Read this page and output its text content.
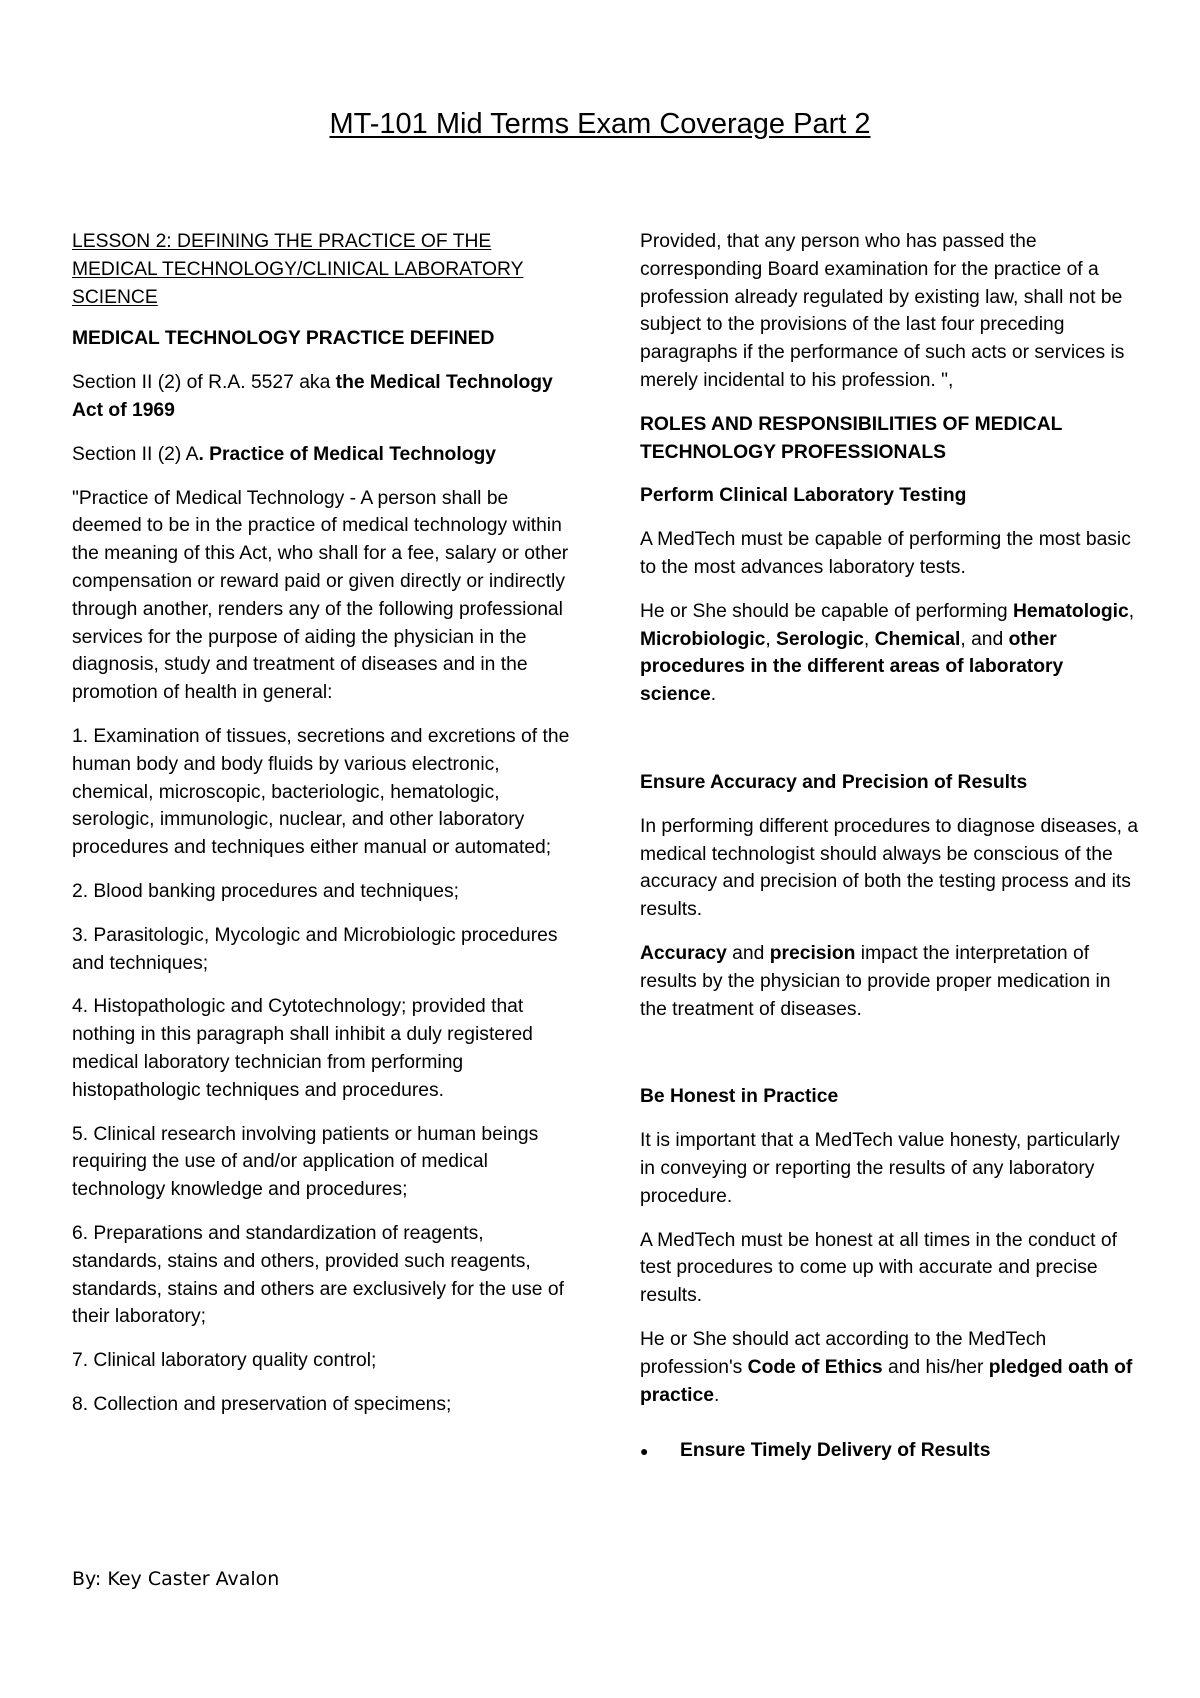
MT-101 Mid Terms Exam Coverage Part 2

LESSON 2: DEFINING THE PRACTICE OF THE MEDICAL TECHNOLOGY/CLINICAL LABORATORY SCIENCE

MEDICAL TECHNOLOGY PRACTICE DEFINED

Section II (2) of R.A. 5527 aka the Medical Technology Act of 1969

Section II (2) A. Practice of Medical Technology

"Practice of Medical Technology - A person shall be deemed to be in the practice of medical technology within the meaning of this Act, who shall for a fee, salary or other compensation or reward paid or given directly or indirectly through another, renders any of the following professional services for the purpose of aiding the physician in the diagnosis, study and treatment of diseases and in the promotion of health in general:

1. Examination of tissues, secretions and excretions of the human body and body fluids by various electronic, chemical, microscopic, bacteriologic, hematologic, serologic, immunologic, nuclear, and other laboratory procedures and techniques either manual or automated;

2. Blood banking procedures and techniques;

3. Parasitologic, Mycologic and Microbiologic procedures and techniques;

4. Histopathologic and Cytotechnology; provided that nothing in this paragraph shall inhibit a duly registered medical laboratory technician from performing histopathologic techniques and procedures.

5. Clinical research involving patients or human beings requiring the use of and/or application of medical technology knowledge and procedures;

6. Preparations and standardization of reagents, standards, stains and others, provided such reagents, standards, stains and others are exclusively for the use of their laboratory;

7. Clinical laboratory quality control;

8. Collection and preservation of specimens;

Provided, that any person who has passed the corresponding Board examination for the practice of a profession already regulated by existing law, shall not be subject to the provisions of the last four preceding paragraphs if the performance of such acts or services is merely incidental to his profession. ",

ROLES AND RESPONSIBILITIES OF MEDICAL TECHNOLOGY PROFESSIONALS

Perform Clinical Laboratory Testing

A MedTech must be capable of performing the most basic to the most advances laboratory tests.

He or She should be capable of performing Hematologic, Microbiologic, Serologic, Chemical, and other procedures in the different areas of laboratory science.

Ensure Accuracy and Precision of Results

In performing different procedures to diagnose diseases, a medical technologist should always be conscious of the accuracy and precision of both the testing process and its results.

Accuracy and precision impact the interpretation of results by the physician to provide proper medication in the treatment of diseases.

Be Honest in Practice

It is important that a MedTech value honesty, particularly in conveying or reporting the results of any laboratory procedure.

A MedTech must be honest at all times in the conduct of test procedures to come up with accurate and precise results.

He or She should act according to the MedTech profession's Code of Ethics and his/her pledged oath of practice.

●	Ensure Timely Delivery of Results

By: Key Caster Avalon
